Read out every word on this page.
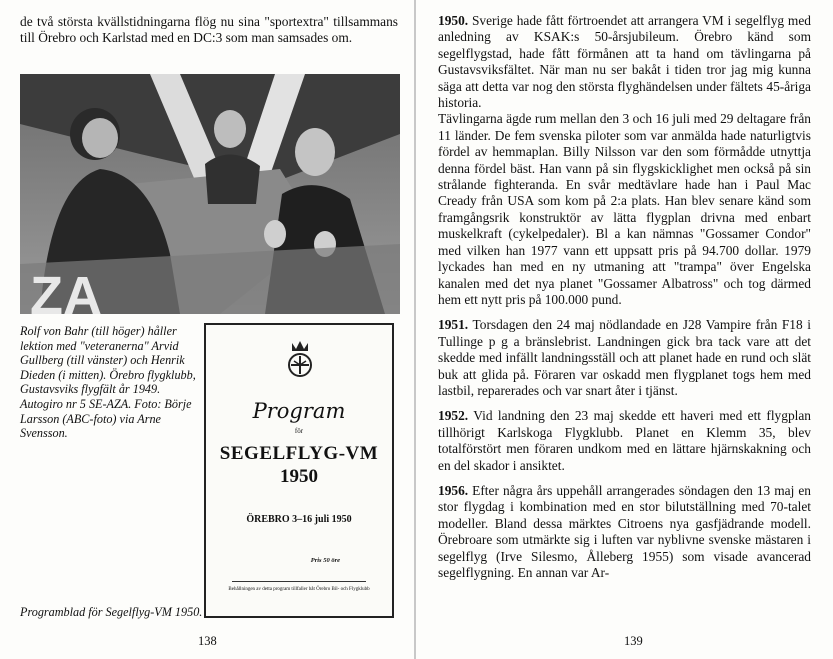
de två största kvällstidningarna flög nu sina "sportextra" tillsammans till Örebro och Karlstad med en DC:3 som man samsades om.

ZA
Rolf von Bahr (till höger) håller lektion med "veteranerna" Arvid Gullberg (till vänster) och Henrik Dieden (i mitten). Örebro flygklubb, Gustavsviks flygfält år 1949. Autogiro nr 5 SE-AZA. Foto: Börje Larsson (ABC-foto) via Arne Svensson.
Program
för
SEGELFLYG-VM
1950
ÖREBRO 3–16 juli 1950
Pris 50 öre
Behållningen av detta program tillfaller båt Örebro Bil- och Flygklubb
Programblad för Segelflyg-VM 1950.
138

1950. Sverige hade fått förtroendet att arrangera VM i segelflyg med anledning av KSAK:s 50-årsjubileum. Örebro känd som segelflygstad, hade fått förmånen att ta hand om tävlingarna på Gustavsviksfältet. När man nu ser bakåt i tiden tror jag mig kunna säga att detta var nog den största flyghändelsen under fältets 45-åriga historia.
Tävlingarna ägde rum mellan den 3 och 16 juli med 29 deltagare från 11 länder. De fem svenska piloter som var anmälda hade naturligtvis fördel av hemmaplan. Billy Nilsson var den som förmådde utnyttja denna fördel bäst. Han vann på sin flygskicklighet men också på sin strålande fighteranda. En svår medtävlare hade han i Paul Mac Cready från USA som kom på 2:a plats. Han blev senare känd som framgångsrik konstruktör av lätta flygplan drivna med enbart muskelkraft (cykelpedaler). Bl a kan nämnas "Gossamer Condor" med vilken han 1977 vann ett uppsatt pris på 94.700 dollar. 1979 lyckades han med en ny utmaning att "trampa" över Engelska kanalen med det nya planet "Gossamer Albatross" och tog därmed hem ett nytt pris på 100.000 pund.

1951. Torsdagen den 24 maj nödlandade en J28 Vampire från F18 i Tullinge p g a bränslebrist. Landningen gick bra tack vare att det skedde med infällt landningsställ och att planet hade en rund och slät buk att glida på. Föraren var oskadd men flygplanet togs hem med lastbil, reparerades och var snart åter i tjänst.

1952. Vid landning den 23 maj skedde ett haveri med ett flygplan tillhörigt Karlskoga Flygklubb. Planet en Klemm 35, blev totalförstört men föraren undkom med en lättare hjärnskakning och en del skador i ansiktet.

1956. Efter några års uppehåll arrangerades söndagen den 13 maj en stor flygdag i kombination med en stor bilutställning med 70-talet modeller. Bland dessa märktes Citroens nya gasfjädrande modell. Örebroare som utmärkte sig i luften var nyblivne svenske mästaren i segelflyg (Irve Silesmo, Ålleberg 1955) som visade avancerad segelflygning. En annan var Ar-

139
